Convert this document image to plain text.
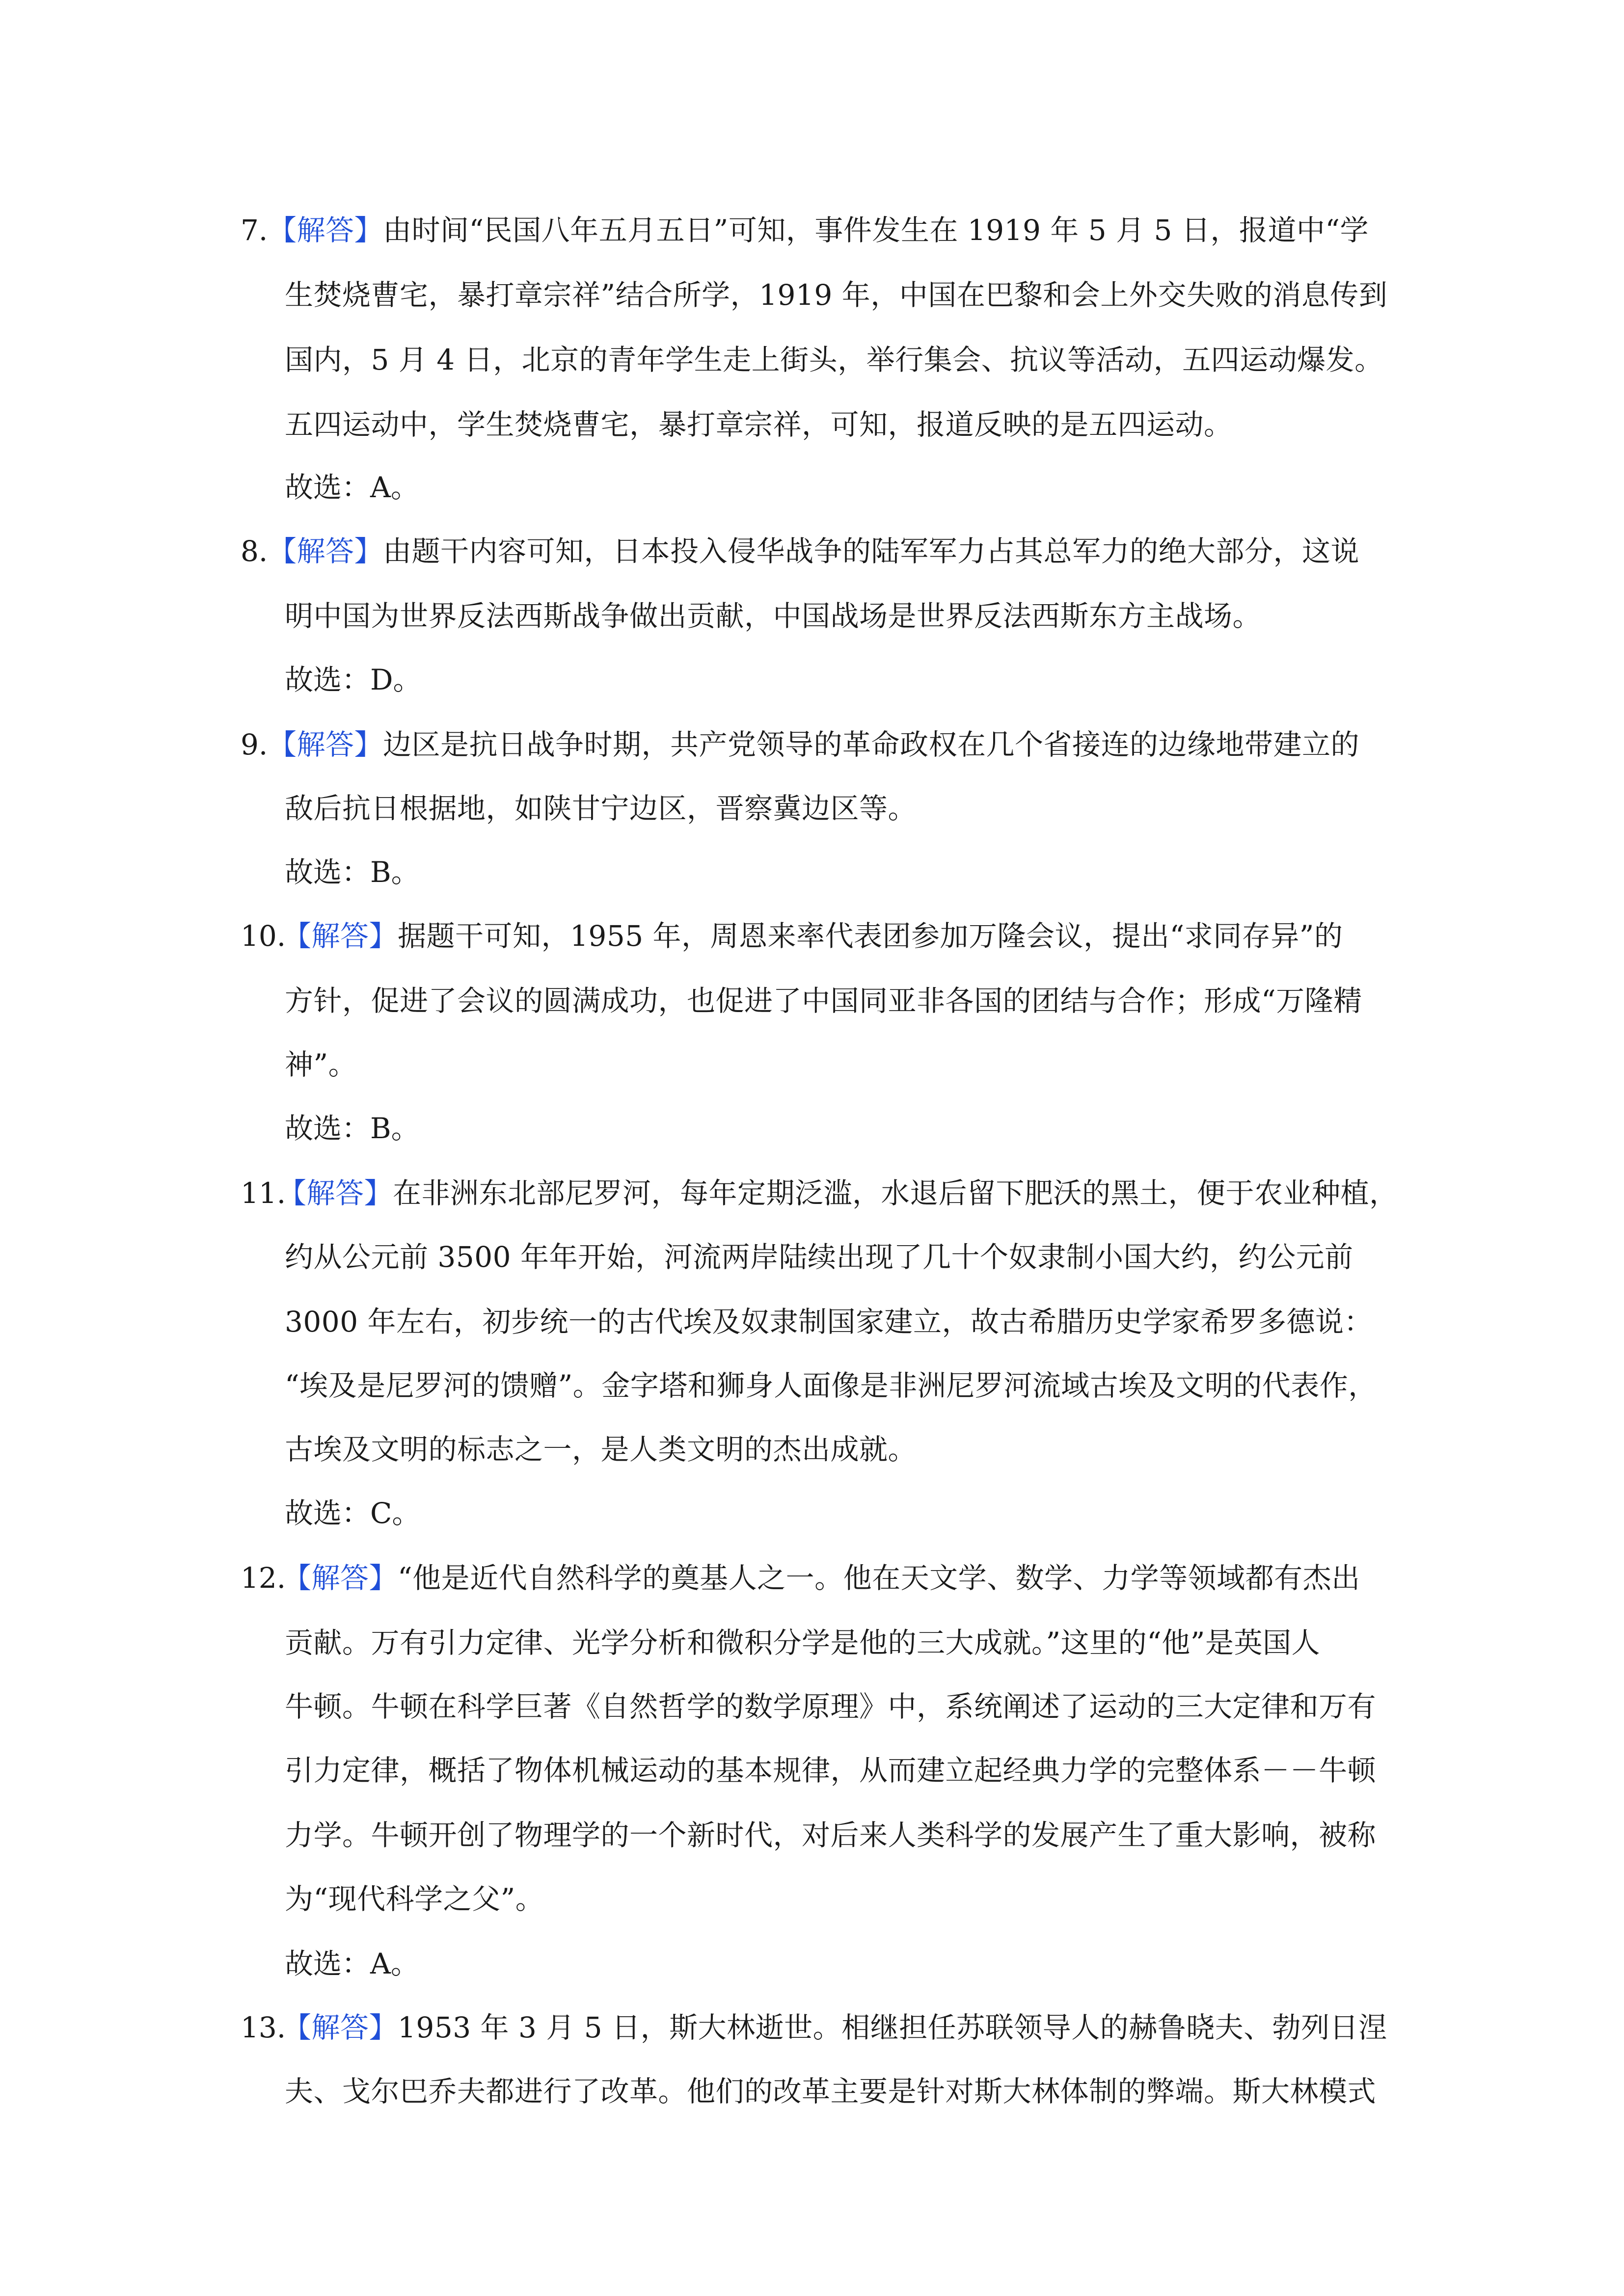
7. 【解答】由时间“民国八年五月五日”可知，事件发生在 1919 年 5 月 5 日，报道中“学
生焚烧曹宅，暴打章宗祥”结合所学，1919 年，中国在巴黎和会上外交失败的消息传到
国内，5 月 4 日，北京的青年学生走上街头，举行集会、抗议等活动，五四运动爆发。
五四运动中，学生焚烧曹宅，暴打章宗祥，可知，报道反映的是五四运动。
故选：A。
8. 【解答】由题干内容可知，日本投入侵华战争的陆军军力占其总军力的绝大部分，这说
明中国为世界反法西斯战争做出贡献，中国战场是世界反法西斯东方主战场。
故选：D。
9. 【解答】边区是抗日战争时期，共产党领导的革命政权在几个省接连的边缘地带建立的
敌后抗日根据地，如陕甘宁边区，晋察冀边区等。
故选：B。
10.
【解答】据题干可知，1955 年，周恩来率代表团参加万隆会议，提出“求同存异”的
方针，促进了会议的圆满成功，也促进了中国同亚非各国的团结与合作；形成“万隆精
神”。
故选：B。
11.
【解答】在非洲东北部尼罗河，每年定期泛滥，水退后留下肥沃的黑土，便于农业种植，
约从公元前 3500 年年开始，河流两岸陆续出现了几十个奴隶制小国大约，约公元前
3000 年左右，初步统一的古代埃及奴隶制国家建立，故古希腊历史学家希罗多德说：
“埃及是尼罗河的馈赠”。金字塔和狮身人面像是非洲尼罗河流域古埃及文明的代表作，
古埃及文明的标志之一，是人类文明的杰出成就。
故选：C。
12.
【解答】“他是近代自然科学的奠基人之一。他在天文学、数学、力学等领域都有杰出
贡献。万有引力定律、光学分析和微积分学是他的三大成就。”这里的“他”是英国人
牛顿。牛顿在科学巨著《自然哲学的数学原理》中，系统阐述了运动的三大定律和万有
引力定律，概括了物体机械运动的基本规律，从而建立起经典力学的完整体系－－牛顿
力学。牛顿开创了物理学的一个新时代，对后来人类科学的发展产生了重大影响，被称
为“现代科学之父”。
故选：A。
13.
【解答】1953 年 3 月 5 日，斯大林逝世。相继担任苏联领导人的赫鲁晓夫、勃列日涅
夫、戈尔巴乔夫都进行了改革。他们的改革主要是针对斯大林体制的弊端。斯大林模式
